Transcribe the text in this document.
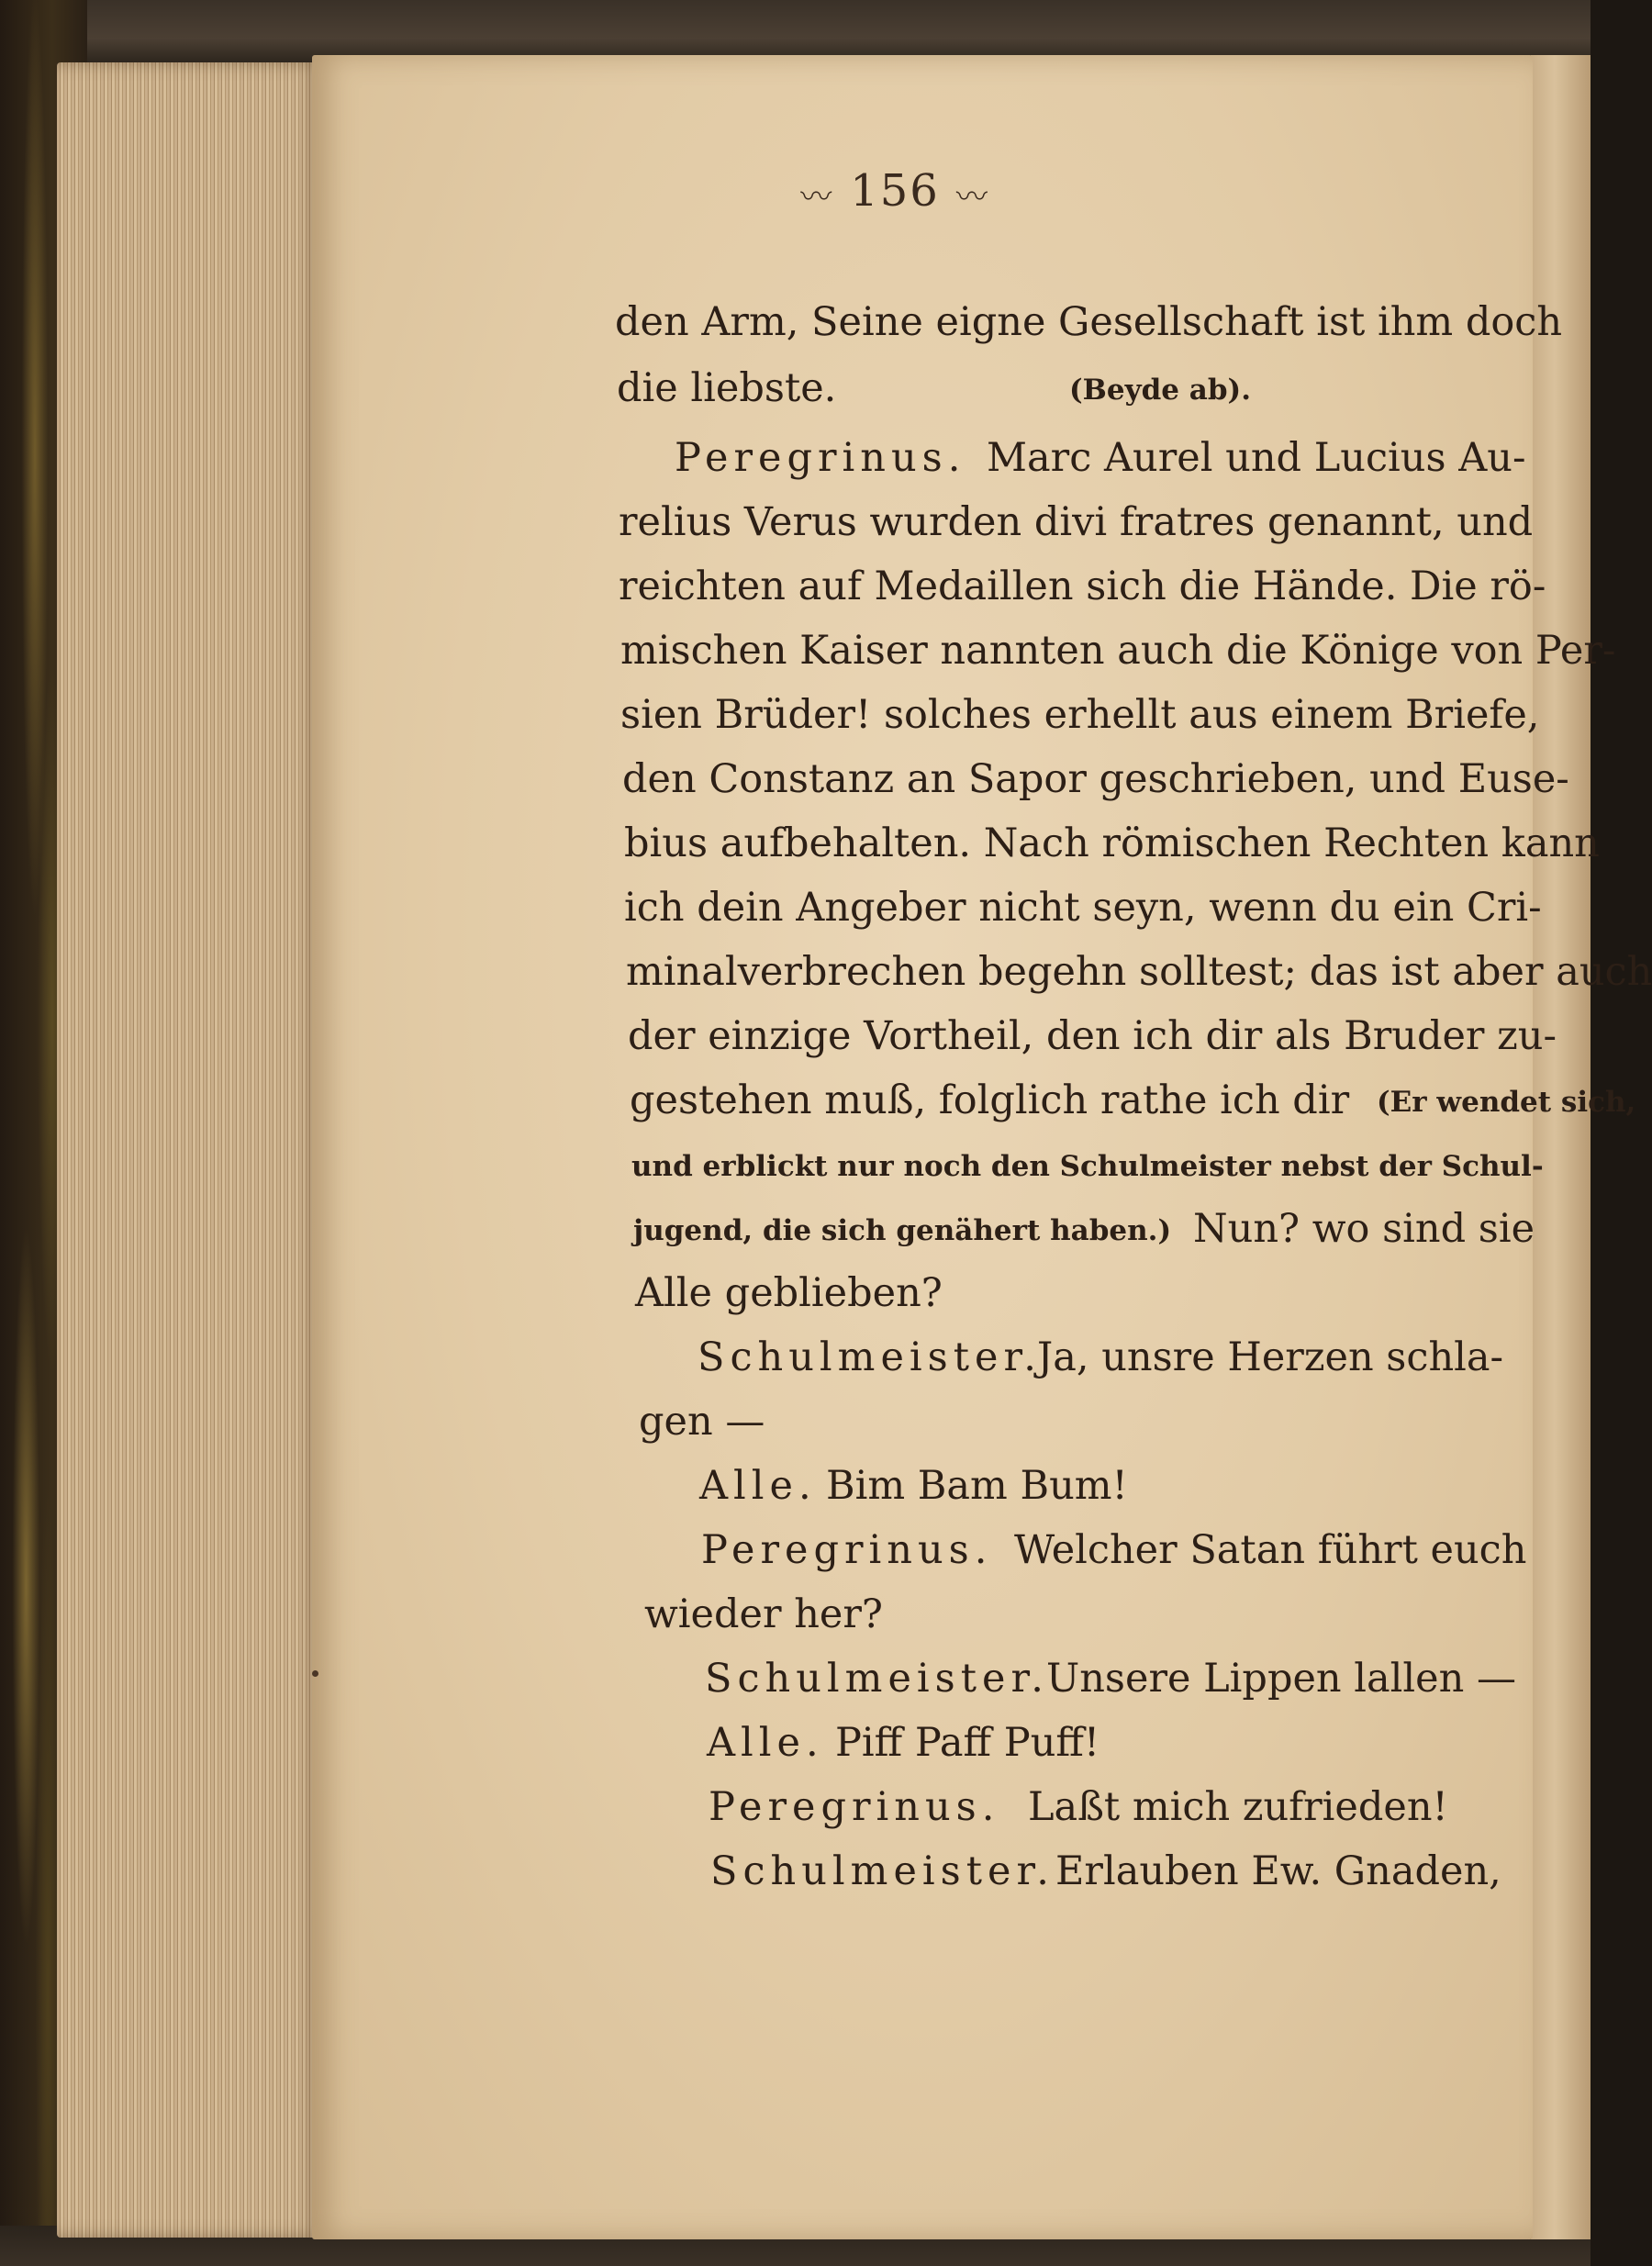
〰 156 〰
den Arm, Seine eigne Gesellschaft ist ihm doch
die liebste.	(Beyde ab).
Peregrinus. Marc Aurel und Lucius Au-
relius Verus wurden divi fratres genannt, und
reichten auf Medaillen sich die Hände. Die rö-
mischen Kaiser nannten auch die Könige von Per-
sien Brüder! solches erhellt aus einem Briefe,
den Constanz an Sapor geschrieben, und Euse-
bius aufbehalten. Nach römischen Rechten kann
ich dein Angeber nicht seyn, wenn du ein Cri-
minalverbrechen begehn solltest; das ist aber auch
der einzige Vortheil, den ich dir als Bruder zu-
gestehen muß, folglich rathe ich dir (Er wendet sich,
und erblickt nur noch den Schulmeister nebst der Schul-
jugend, die sich genähert haben.) Nun? wo sind sie
Alle geblieben?
Schulmeister.
Ja, unsre Herzen schla-
gen —
Alle. Bim Bam Bum!
Peregrinus. Welcher Satan führt euch
wieder her?
Schulmeister.
Unsere Lippen lallen —
Alle. Piff Paff Puff!
Peregrinus. Laßt mich zufrieden!
Schulmeister. Erlauben Ew. Gnaden,
